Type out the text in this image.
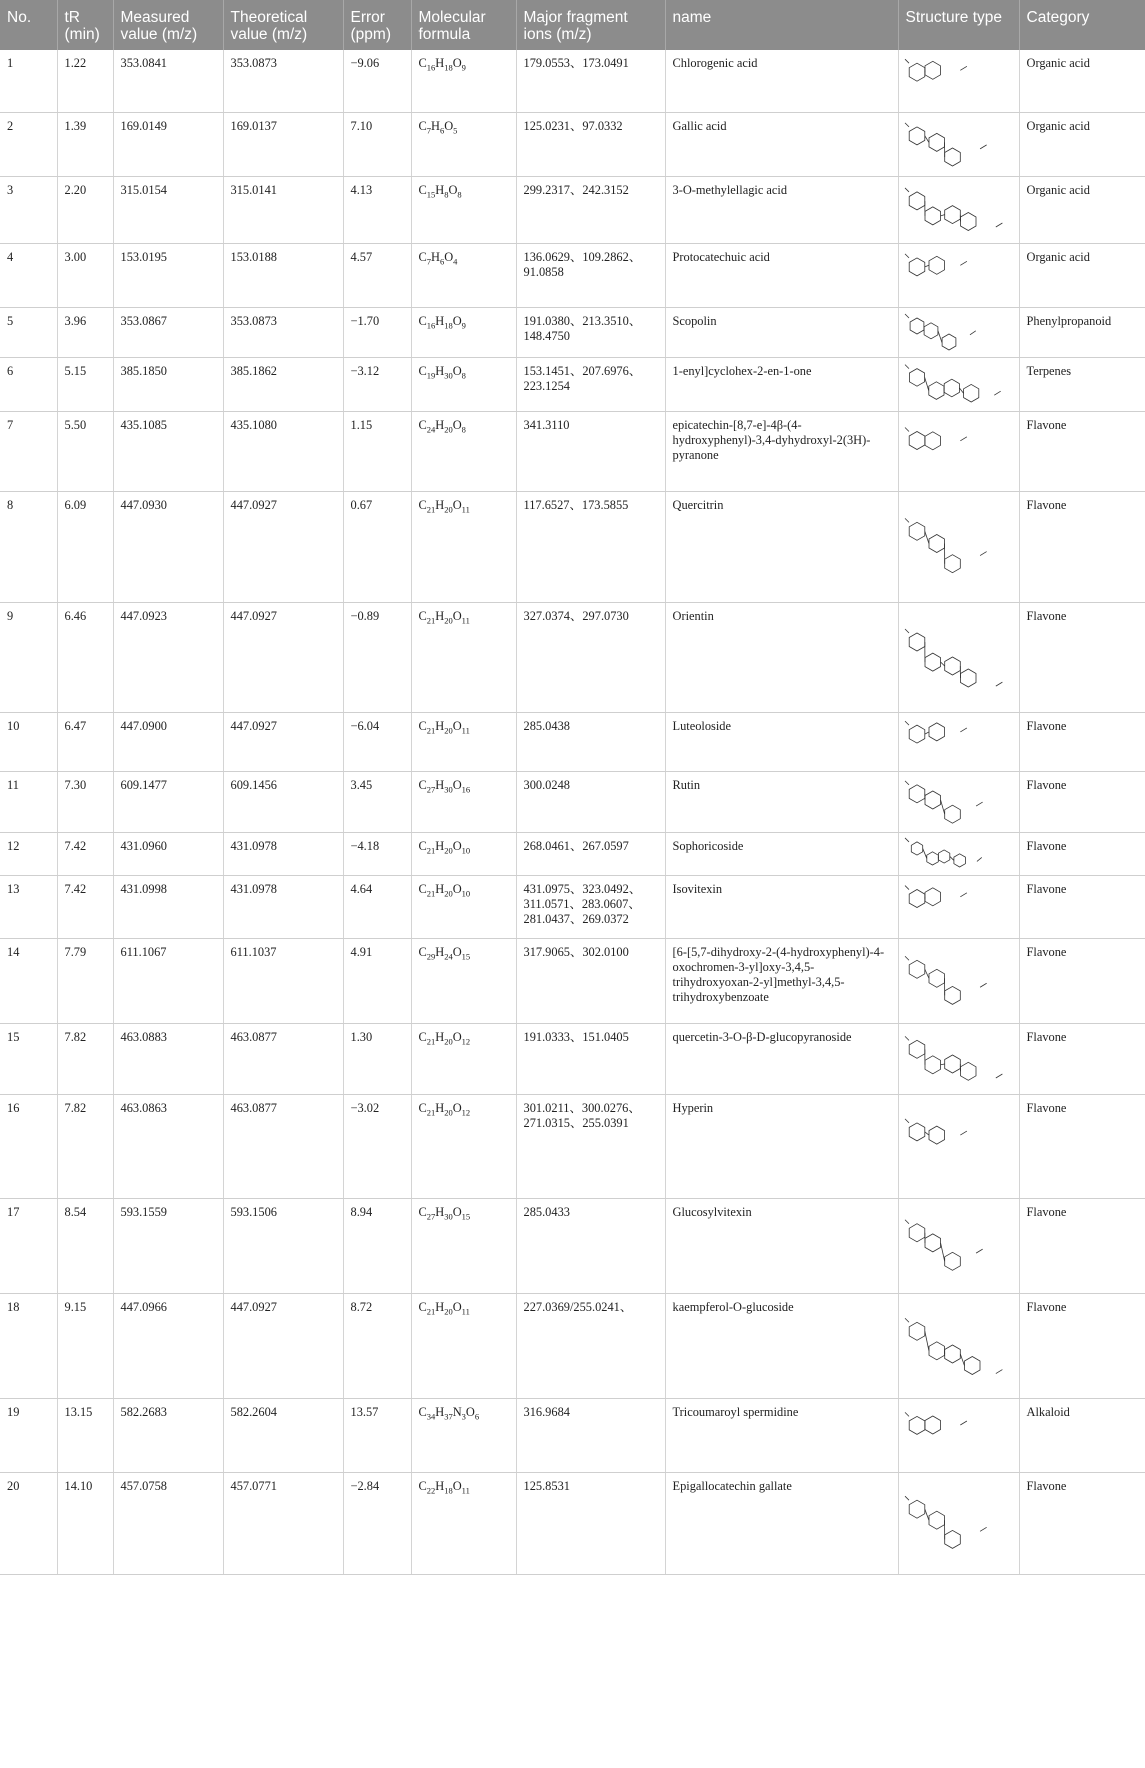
No.	tR (min)	Measured value (m/z)	Theoretical value (m/z)	Error (ppm)	Molecular formula	Major fragment ions (m/z)	name	Structure type	Category
1	1.22	353.0841	353.0873	−9.06	$C_{16}H_{18}O_9$	179.0553、173.0491	Chlorogenic acid		Organic acid
2	1.39	169.0149	169.0137	7.10	$C_7H_6O_5$	125.0231、97.0332	Gallic acid		Organic acid
3	2.20	315.0154	315.0141	4.13	$C_{15}H_8O_8$	299.2317、242.3152	3-O-methylellagic acid		Organic acid
4	3.00	153.0195	153.0188	4.57	$C_7H_6O_4$	136.0629、109.2862、91.0858	Protocatechuic acid		Organic acid
5	3.96	353.0867	353.0873	−1.70	$C_{16}H_{18}O_9$	191.0380、213.3510、148.4750	Scopolin		Phenylpropanoid
6	5.15	385.1850	385.1862	−3.12	$C_{19}H_{30}O_8$	153.1451、207.6976、223.1254	1-enyl]cyclohex-2-en-1-one		Terpenes
7	5.50	435.1085	435.1080	1.15	$C_{24}H_{20}O_8$	341.3110	epicatechin-[8,7-e]-4β-(4-hydroxyphenyl)-3,4-dyhydroxyl-2(3H)-pyranone		Flavone
8	6.09	447.0930	447.0927	0.67	$C_{21}H_{20}O_{11}$	117.6527、173.5855	Quercitrin		Flavone
9	6.46	447.0923	447.0927	−0.89	$C_{21}H_{20}O_{11}$	327.0374、297.0730	Orientin		Flavone
10	6.47	447.0900	447.0927	−6.04	$C_{21}H_{20}O_{11}$	285.0438	Luteoloside		Flavone
11	7.30	609.1477	609.1456	3.45	$C_{27}H_{30}O_{16}$	300.0248	Rutin		Flavone
12	7.42	431.0960	431.0978	−4.18	$C_{21}H_{20}O_{10}$	268.0461、267.0597	Sophoricoside		Flavone
13	7.42	431.0998	431.0978	4.64	$C_{21}H_{20}O_{10}$	431.0975、323.0492、311.0571、283.0607、281.0437、269.0372	Isovitexin		Flavone
14	7.79	611.1067	611.1037	4.91	$C_{29}H_{24}O_{15}$	317.9065、302.0100	[6-[5,7-dihydroxy-2-(4-hydroxyphenyl)-4-oxochromen-3-yl]oxy-3,4,5-trihydroxyoxan-2-yl]methyl-3,4,5-trihydroxybenzoate		Flavone
15	7.82	463.0883	463.0877	1.30	$C_{21}H_{20}O_{12}$	191.0333、151.0405	quercetin-3-O-β-D-glucopyranoside		Flavone
16	7.82	463.0863	463.0877	−3.02	$C_{21}H_{20}O_{12}$	301.0211、300.0276、271.0315、255.0391	Hyperin		Flavone
17	8.54	593.1559	593.1506	8.94	$C_{27}H_{30}O_{15}$	285.0433	Glucosylvitexin		Flavone
18	9.15	447.0966	447.0927	8.72	$C_{21}H_{20}O_{11}$	227.0369/255.0241、	kaempferol-O-glucoside		Flavone
19	13.15	582.2683	582.2604	13.57	$C_{34}H_{37}N_3O_6$	316.9684	Tricoumaroyl spermidine		Alkaloid
20	14.10	457.0758	457.0771	−2.84	$C_{22}H_{18}O_{11}$	125.8531	Epigallocatechin gallate		Flavone
